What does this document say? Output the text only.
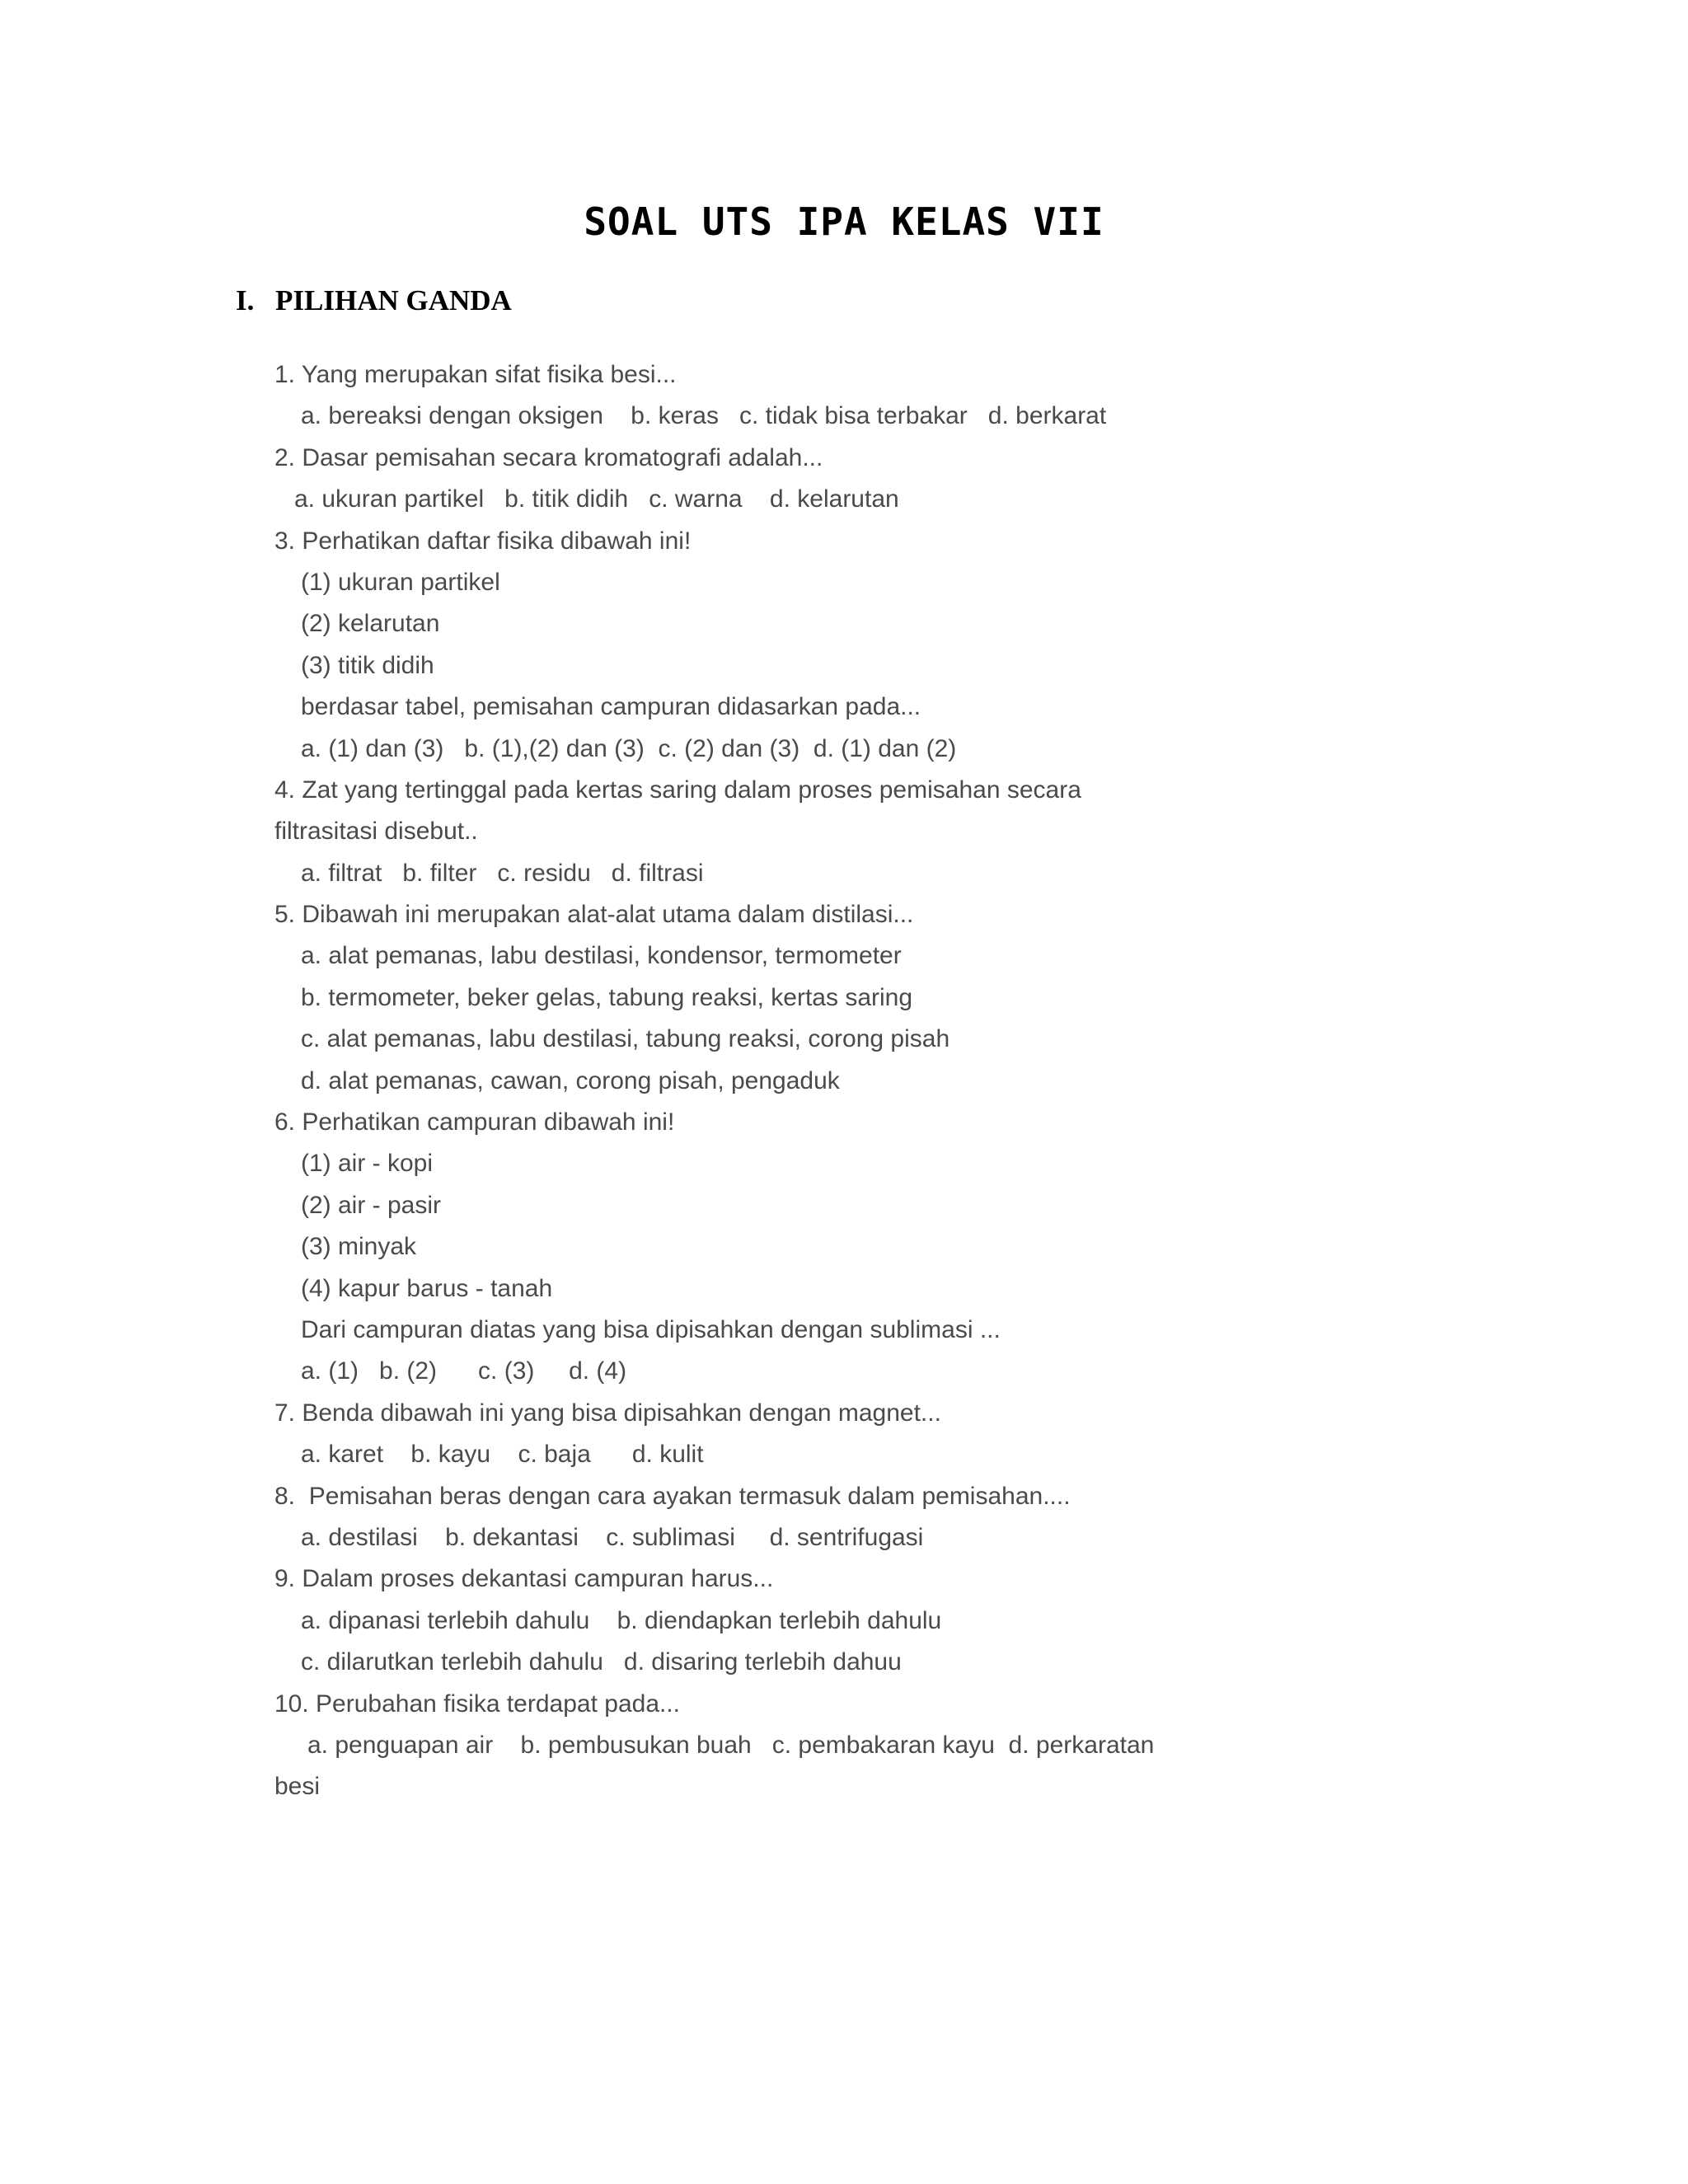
SOAL UTS IPA KELAS VII
I. PILIHAN GANDA
1. Yang merupakan sifat fisika besi...
a. bereaksi dengan oksigen    b. keras   c. tidak bisa terbakar   d. berkarat
2. Dasar pemisahan secara kromatografi adalah...
a. ukuran partikel   b. titik didih   c. warna    d. kelarutan
3. Perhatikan daftar fisika dibawah ini!
(1) ukuran partikel
(2) kelarutan
(3) titik didih
berdasar tabel, pemisahan campuran didasarkan pada...
a. (1) dan (3)   b. (1),(2) dan (3)  c. (2) dan (3)  d. (1) dan (2)
4. Zat yang tertinggal pada kertas saring dalam proses pemisahan secara
filtrasitasi disebut..
a. filtrat   b. filter   c. residu   d. filtrasi
5. Dibawah ini merupakan alat-alat utama dalam distilasi...
a. alat pemanas, labu destilasi, kondensor, termometer
b. termometer, beker gelas, tabung reaksi, kertas saring
c. alat pemanas, labu destilasi, tabung reaksi, corong pisah
d. alat pemanas, cawan, corong pisah, pengaduk
6. Perhatikan campuran dibawah ini!
(1) air - kopi
(2) air - pasir
(3) minyak
(4) kapur barus - tanah
Dari campuran diatas yang bisa dipisahkan dengan sublimasi ...
a. (1)   b. (2)      c. (3)     d. (4)
7. Benda dibawah ini yang bisa dipisahkan dengan magnet...
a. karet    b. kayu    c. baja      d. kulit
8.  Pemisahan beras dengan cara ayakan termasuk dalam pemisahan....
a. destilasi    b. dekantasi    c. sublimasi     d. sentrifugasi
9. Dalam proses dekantasi campuran harus...
a. dipanasi terlebih dahulu    b. diendapkan terlebih dahulu
c. dilarutkan terlebih dahulu   d. disaring terlebih dahuu
10. Perubahan fisika terdapat pada...
a. penguapan air    b. pembusukan buah   c. pembakaran kayu  d. perkaratan
besi
